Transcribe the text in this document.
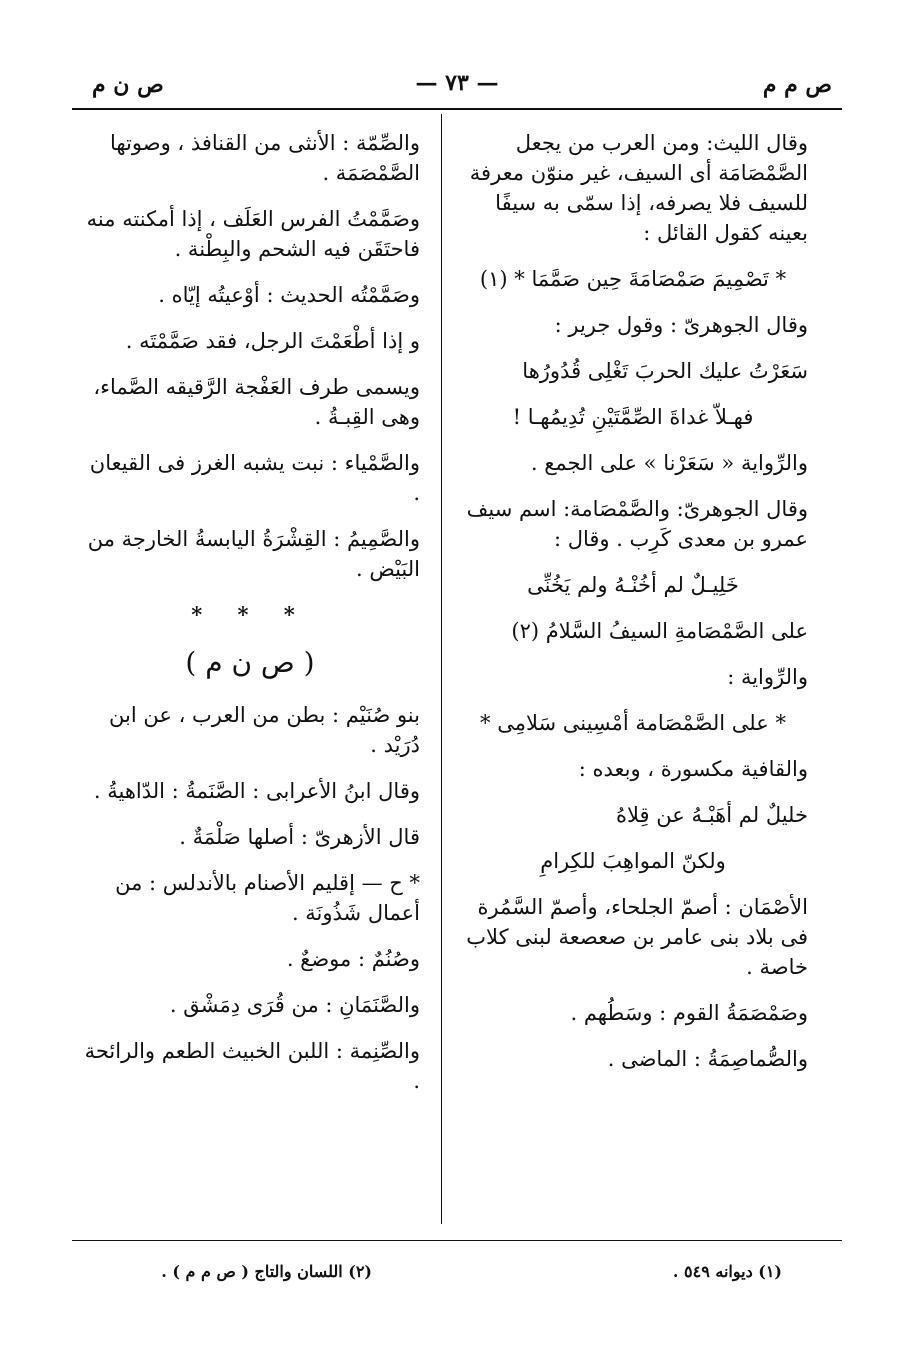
ص م م
— ٧٣ —
ص ن م

وقال الليث: ومن العرب من يجعل الصَّمْصَامَة أى السيف، غير منوّن معرفة للسيف فلا يصرفه، إذا سمّى به سيفًا بعينه كقول القائل :

* تَصْمِيمَ صَمْصَامَةَ حِين صَمَّمَا * (١)

وقال الجوهرىّ : وقول جرير :

سَعَرْتُ عليك الحربَ تَغْلِى قُدُورُها

فهـلاّ غداةَ الصِّمَّتَيْنِ تُدِيمُهـا !

والرِّواية « سَعَرْنا » على الجمع .

وقال الجوهرىّ: والصَّمْصَامة: اسم سيف عمرو بن معدى كَرِب . وقال :

خَلِيـلٌ لم أخُنْـهُ ولم يَخُنِّى

على الصَّمْصَامةِ السيفُ السَّلامُ (٢)

والرِّواية :

* على الصَّمْصَامة أمْسِينى سَلامِى *

والقافية مكسورة ، وبعده :

خليلٌ لم أهَبْـهُ عن قِلاهُ

ولكنّ المواهِبَ للكِرامِ

الأصْمَان : أصمّ الجلحاء، وأصمّ السَّمُرة فى بلاد بنى عامر بن صعصعة لبنى كلاب خاصة .

وصَمْصَمَةُ القوم : وسَطُهم .

والصُّماصِمَةُ : الماضى .

والصِّمّة : الأنثى من القنافذ ، وصوتها الصَّمْصَمَة .

وصَمَّمْتُ الفرس العَلَف ، إذا أمكنته منه فاحتَقَن فيه الشحم والبِطْنة .

وصَمَّمْتُه الحديث : أوْعيتُه إيّاه .

و إذا أطْعَمْتَ الرجل، فقد صَمَّمْتَه .

ويسمى طرف العَفْجة الرَّقيقه الصَّماء، وهى القِبـةُ .

والصَّمْياء : نبت يشبه الغرز فى القيعان .

والصَّمِيمُ : القِشْرَةُ اليابسةُ الخارجة من البَيْض .

* * *
( ص ن م )

بنو صُنَيْم : بطن من العرب ، عن ابن دُرَيْد .

وقال ابنُ الأعرابى : الصَّنَمةُ : الدّاهيةُ .

قال الأزهرىّ : أصلها صَلْمَةٌ .

* ح — إقليم الأصنام بالأندلس : من أعمال شَذُونَة .

وصُنُمٌ : موضعٌ .

والصَّنَمَانِ : من قُرَى دِمَشْق .

والصِّنِمة : اللبن الخبيث الطعم والرائحة .

(١) ديوانه ٥٤٩ .
(٢) اللسان والتاج ( ص م م ) .
